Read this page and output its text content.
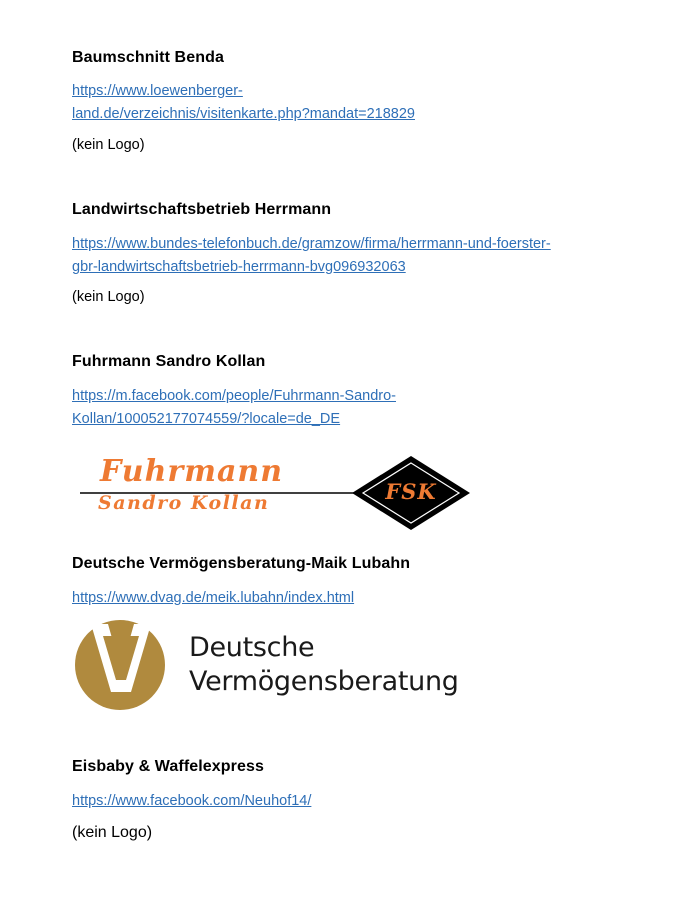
Baumschnitt Benda
https://www.loewenberger-
land.de/verzeichnis/visitenkarte.php?mandat=218829
(kein Logo)
Landwirtschaftsbetrieb Herrmann
https://www.bundes-telefonbuch.de/gramzow/firma/herrmann-und-foerster-
gbr-landwirtschaftsbetrieb-herrmann-bvg096932063
(kein Logo)
Fuhrmann Sandro Kollan
https://m.facebook.com/people/Fuhrmann-Sandro-
Kollan/100052177074559/?locale=de_DE
Fuhrmann
Sandro Kollan	FSK
Deutsche Vermögensberatung-Maik Lubahn
https://www.dvag.de/meik.lubahn/index.html
Deutsche
Vermögensberatung
Eisbaby & Waffelexpress
https://www.facebook.com/Neuhof14/
(kein Logo)
